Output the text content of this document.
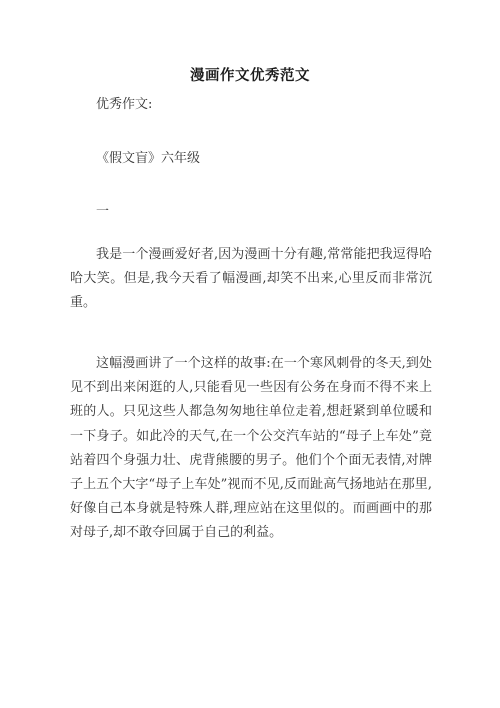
漫画作文优秀范文
优秀作文:
《假文盲》六年级
一

我是一个漫画爱好者,因为漫画十分有趣,常常能把我逗得哈哈大笑。但是,我今天看了幅漫画,却笑不出来,心里反而非常沉重。

这幅漫画讲了一个这样的故事:在一个寒风刺骨的冬天,到处见不到出来闲逛的人,只能看见一些因有公务在身而不得不来上班的人。只见这些人都急匆匆地往单位走着,想赶紧到单位暖和一下身子。如此冷的天气,在一个公交汽车站的“母子上车处”竟站着四个身强力壮、虎背熊腰的男子。他们个个面无表情,对牌子上五个大字“母子上车处”视而不见,反而趾高气扬地站在那里,好像自己本身就是特殊人群,理应站在这里似的。而画画中的那对母子,却不敢夺回属于自己的利益。
